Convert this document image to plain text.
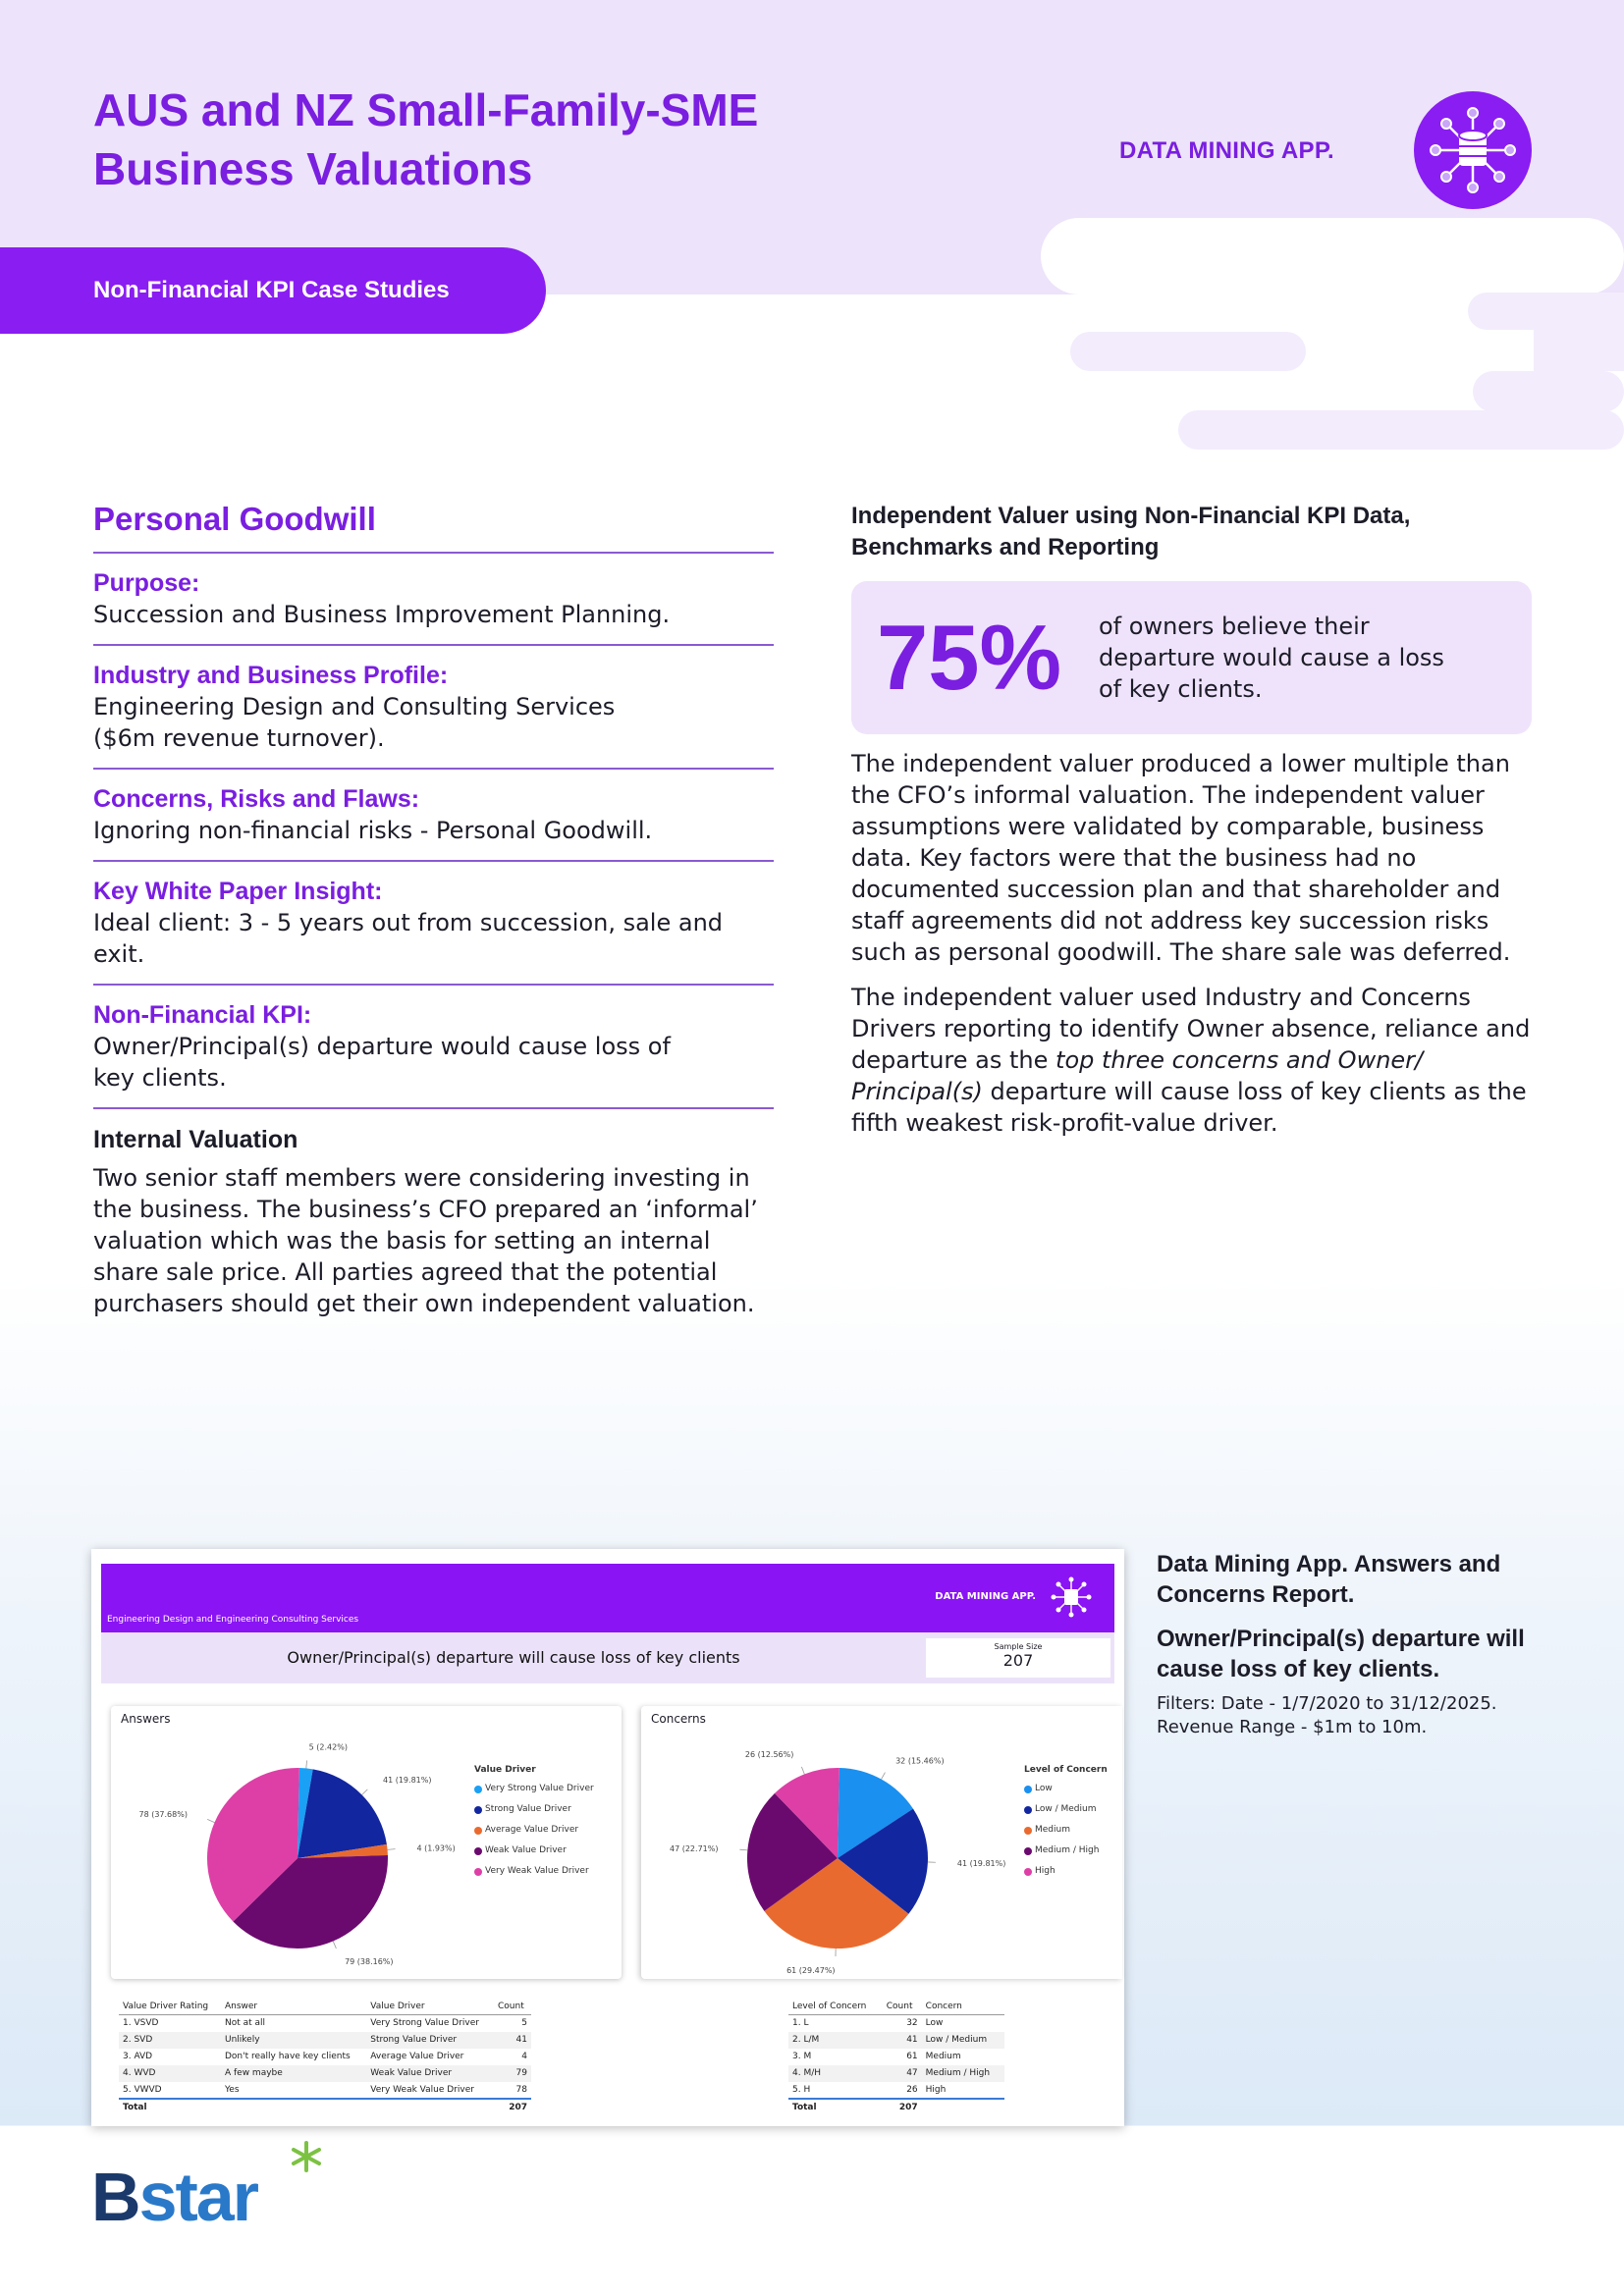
AUS and NZ Small-Family-SME
Business Valuations	DATA MINING APP.
Non-Financial KPI Case Studies
Personal Goodwill
Purpose:

Succession and Business Improvement Planning.

Industry and Business Profile:

Engineering Design and Consulting Services ($6m revenue turnover).

Concerns, Risks and Flaws:

Ignoring non-financial risks - Personal Goodwill.

Key White Paper Insight:

Ideal client: 3 - 5 years out from succession, sale and exit.

Non-Financial KPI:

Owner/Principal(s) departure would cause loss of key clients.

Internal Valuation

Two senior staff members were considering investing in the business. The business’s CFO prepared an ‘informal’ valuation which was the basis for setting an internal share sale price. All parties agreed that the potential purchasers should get their own independent valuation.

Independent Valuer using Non-Financial KPI Data, Benchmarks and Reporting
75% of owners believe their departure would cause a loss of key clients.

The independent valuer produced a lower multiple than the CFO’s informal valuation. The independent valuer assumptions were validated by comparable, business data. Key factors were that the business had no documented succession plan and that shareholder and staff agreements did not address key succession risks such as personal goodwill. The share sale was deferred.

The independent valuer used Industry and Concerns Drivers reporting to identify Owner absence, reliance and departure as the top three concerns and Owner/ Principal(s) departure will cause loss of key clients as the fifth weakest risk-profit-value driver.

Engineering Design and Engineering Consulting Services
DATA MINING APP.
Owner/Principal(s) departure will cause loss of key clients
Sample Size
207
Answers
5 (2.42%)
41 (19.81%)
4 (1.93%)
79 (38.16%)
78 (37.68%)
Value Driver
Very Strong Value Driver
Strong Value Driver
Average Value Driver
Weak Value Driver
Very Weak Value Driver
Concerns
32 (15.46%)
41 (19.81%)
61 (29.47%)
47 (22.71%)
26 (12.56%)
Level of Concern
Low
Low / Medium
Medium
Medium / High
High
Value Driver Rating	Answer	Value Driver	Count
1. VSVD	Not at all	Very Strong Value Driver	5
2. SVD	Unlikely	Strong Value Driver	41
3. AVD	Don't really have key clients	Average Value Driver	4
4. WVD	A few maybe	Weak Value Driver	79
5. VWVD	Yes	Very Weak Value Driver	78
Total			207
Level of Concern	Count	Concern
1. L	32	Low
2. L/M	41	Low / Medium
3. M	61	Medium
4. M/H	47	Medium / High
5. H	26	High
Total	207	
Data Mining App. Answers and Concerns Report.
Owner/Principal(s) departure will cause loss of key clients.
Filters: Date - 1/7/2020 to 31/12/2025.
Revenue Range - $1m to 10m.
Bstar
